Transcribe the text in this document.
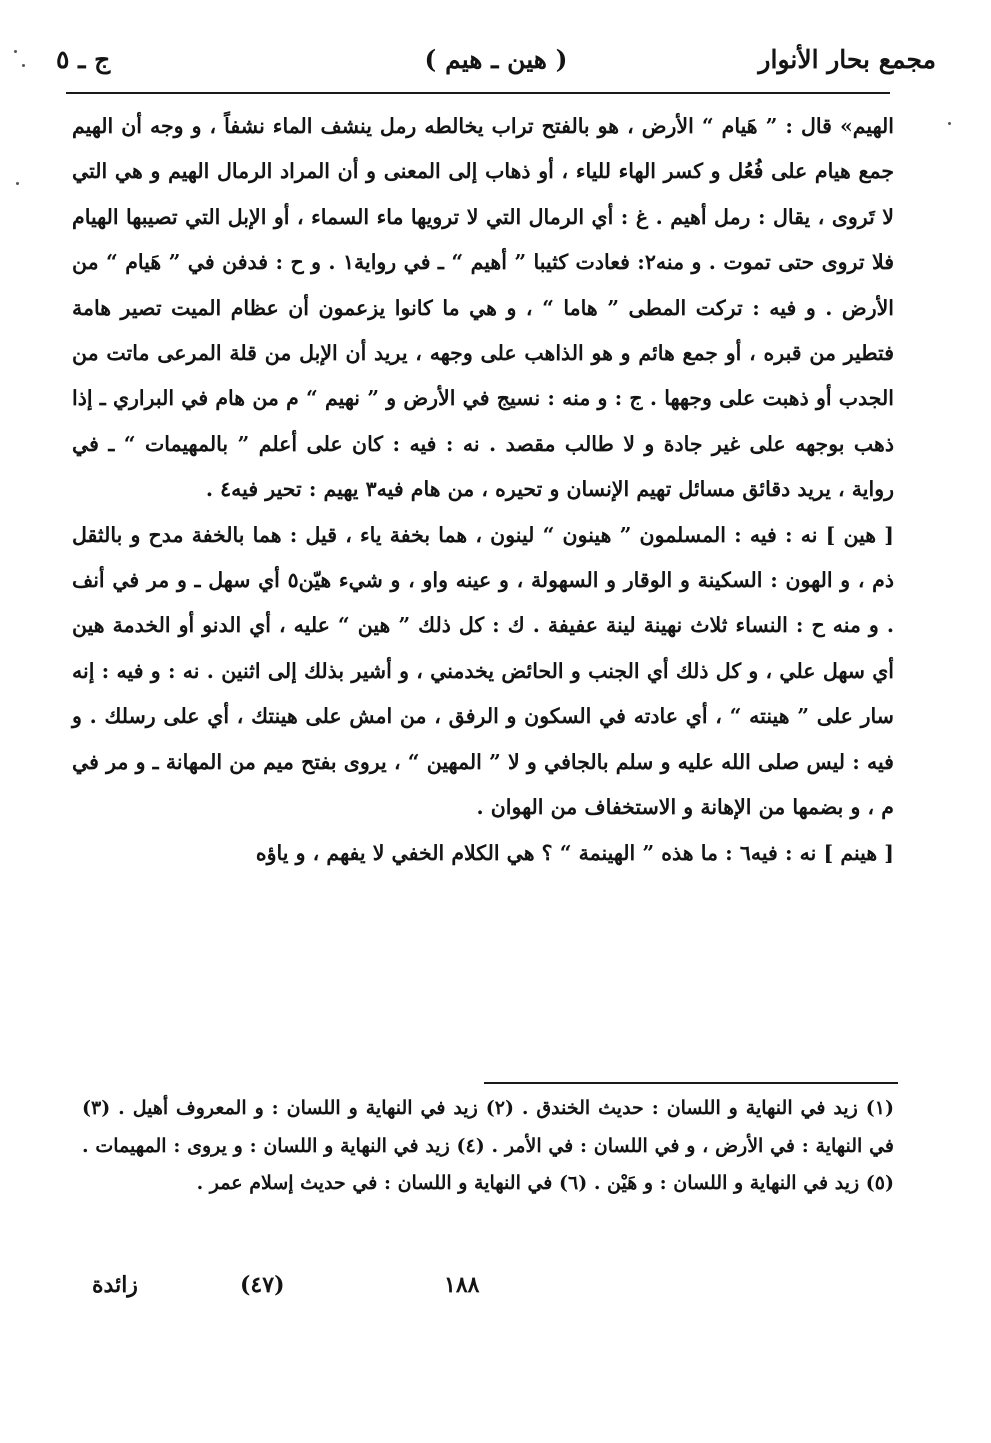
مجمع بحار الأنوار
( هين ـ هيم )
ج ـ ٥

الهيم» قال : ” هَيام “ الأرض ، هو بالفتح تراب يخالطه رمل ينشف الماء نشفاً ، و وجه أن الهيم جمع هيام على فُعُل و كسر الهاء للياء ، أو ذهاب إلى المعنى و أن المراد الرمال الهيم و هي التي لا تَروى ، يقال : رمل أهيم . غ : أي الرمال التي لا ترويها ماء السماء ، أو الإبل التي تصيبها الهيام فلا تروى حتى تموت . و منه٢: فعادت كثيبا ” أهيم “ ـ في رواية١ . و ح : فدفن في ” هَيام “ من الأرض . و فيه : تركت المطى ” هاما “ ، و هي ما كانوا يزعمون أن عظام الميت تصير هامة فتطير من قبره ، أو جمع هائم و هو الذاهب على وجهه ، يريد أن الإبل من قلة المرعى ماتت من الجدب أو ذهبت على وجهها . ج : و منه : نسيج في الأرض و ” نهيم “ م من هام في البراري ـ إذا ذهب بوجهه على غير جادة و لا طالب مقصد . نه : فيه : كان على أعلم ” بالمهيمات “ ـ في رواية ، يريد دقائق مسائل تهيم الإنسان و تحيره ، من هام فيه٣ يهيم : تحير فيه٤ .

[ هين ] نه : فيه : المسلمون ” هينون “ لينون ، هما بخفة ياء ، قيل : هما بالخفة مدح و بالثقل ذم ، و الهون : السكينة و الوقار و السهولة ، و عينه واو ، و شيء هيّن٥ أي سهل ـ و مر في أنف . و منه ح : النساء ثلاث نهينة لينة عفيفة . ك : كل ذلك ” هين “ عليه ، أي الدنو أو الخدمة هين أي سهل علي ، و كل ذلك أي الجنب و الحائض يخدمني ، و أشير بذلك إلى اثنين . نه : و فيه : إنه سار على ” هينته “ ، أي عادته في السكون و الرفق ، من امش على هينتك ، أي على رسلك . و فيه : ليس صلى الله عليه و سلم بالجافي و لا ” المهين “ ، يروى بفتح ميم من المهانة ـ و مر في م ، و بضمها من الإهانة و الاستخفاف من الهوان .

[ هينم ] نه : فيه٦ : ما هذه ” الهينمة “ ؟ هي الكلام الخفي لا يفهم ، و ياؤه

(١) زيد في النهاية و اللسان : حديث الخندق . (٢) زيد في النهاية و اللسان : و المعروف أهيل . (٣) في النهاية : في الأرض ، و في اللسان : في الأمر . (٤) زيد في النهاية و اللسان : و يروى : المهيمات . (٥) زيد في النهاية و اللسان : و هَيْن . (٦) في النهاية و اللسان : في حديث إسلام عمر .

١٨٨
(٤٧)
زائدة
